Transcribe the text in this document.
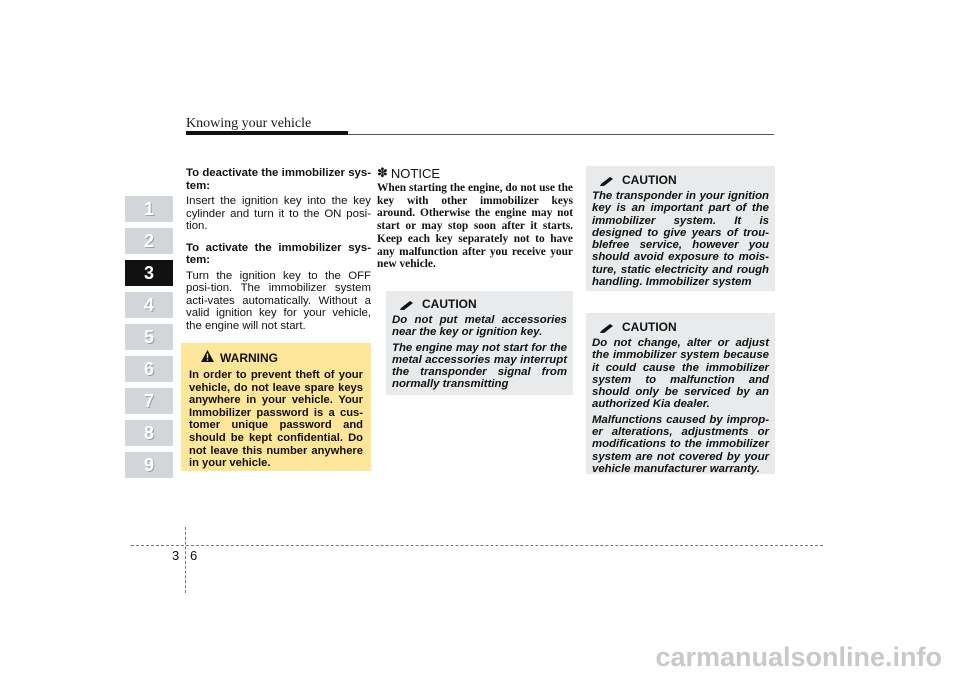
Knowing your vehicle
1
2
3
4
5
6
7
8
9

To deactivate the immobilizer sys-tem:

Insert the ignition key into the key cylinder and turn it to the ON posi-tion.

To activate the immobilizer sys-tem:

Turn the ignition key to the OFF posi-tion. The immobilizer system acti-vates automatically. Without a valid ignition key for your vehicle, the engine will not start.

WARNING
In order to prevent theft of your vehicle, do not leave spare keys anywhere in your vehicle. Your Immobilizer password is a cus-tomer unique password and should be kept confidential. Do not leave this number anywhere in your vehicle.
✽ NOTICE
When starting the engine, do not use the key with other immobilizer keys around. Otherwise the engine may not start or may stop soon after it starts. Keep each key separately not to have any malfunction after you receive your new vehicle.
CAUTION

Do not put metal accessories near the key or ignition key.

The engine may not start for the metal accessories may interrupt the transponder signal from normally transmitting

CAUTION
The transponder in your ignition key is an important part of the immobilizer system. It is designed to give years of trou-blefree service, however you should avoid exposure to mois-ture, static electricity and rough handling. Immobilizer system
CAUTION

Do not change, alter or adjust the immobilizer system because it could cause the immobilizer system to malfunction and should only be serviced by an authorized Kia dealer.

Malfunctions caused by improp-er alterations, adjustments or modifications to the immobilizer system are not covered by your vehicle manufacturer warranty.

3 6
carmanualsonline.info
